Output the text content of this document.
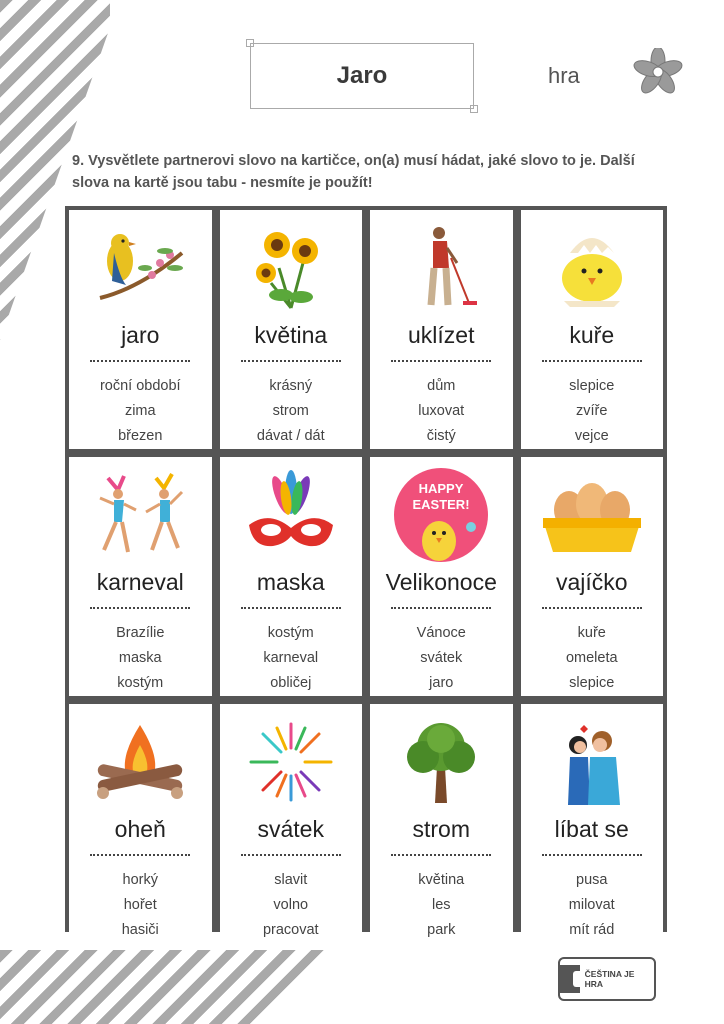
Jaro	hra
9. Vysvětlete partnerovi slovo na kartičce, on(a) musí hádat, jaké slovo to je. Další slova na kartě jsou tabu - nesmíte je použít!
jaro
roční období
zima
březen
květina
krásný
strom
dávat / dát
uklízet
dům
luxovat
čistý
kuře
slepice
zvíře
vejce
karneval
Brazílie
maska
kostým
maska
kostým
karneval
obličej
HAPPY
EASTER!
Velikonoce
Vánoce
svátek
jaro
vajíčko
kuře
omeleta
slepice
oheň
horký
hořet
hasiči
svátek
slavit
volno
pracovat
strom
květina
les
park
líbat se
pusa
milovat
mít rád
ČEŠTINA JE HRA
